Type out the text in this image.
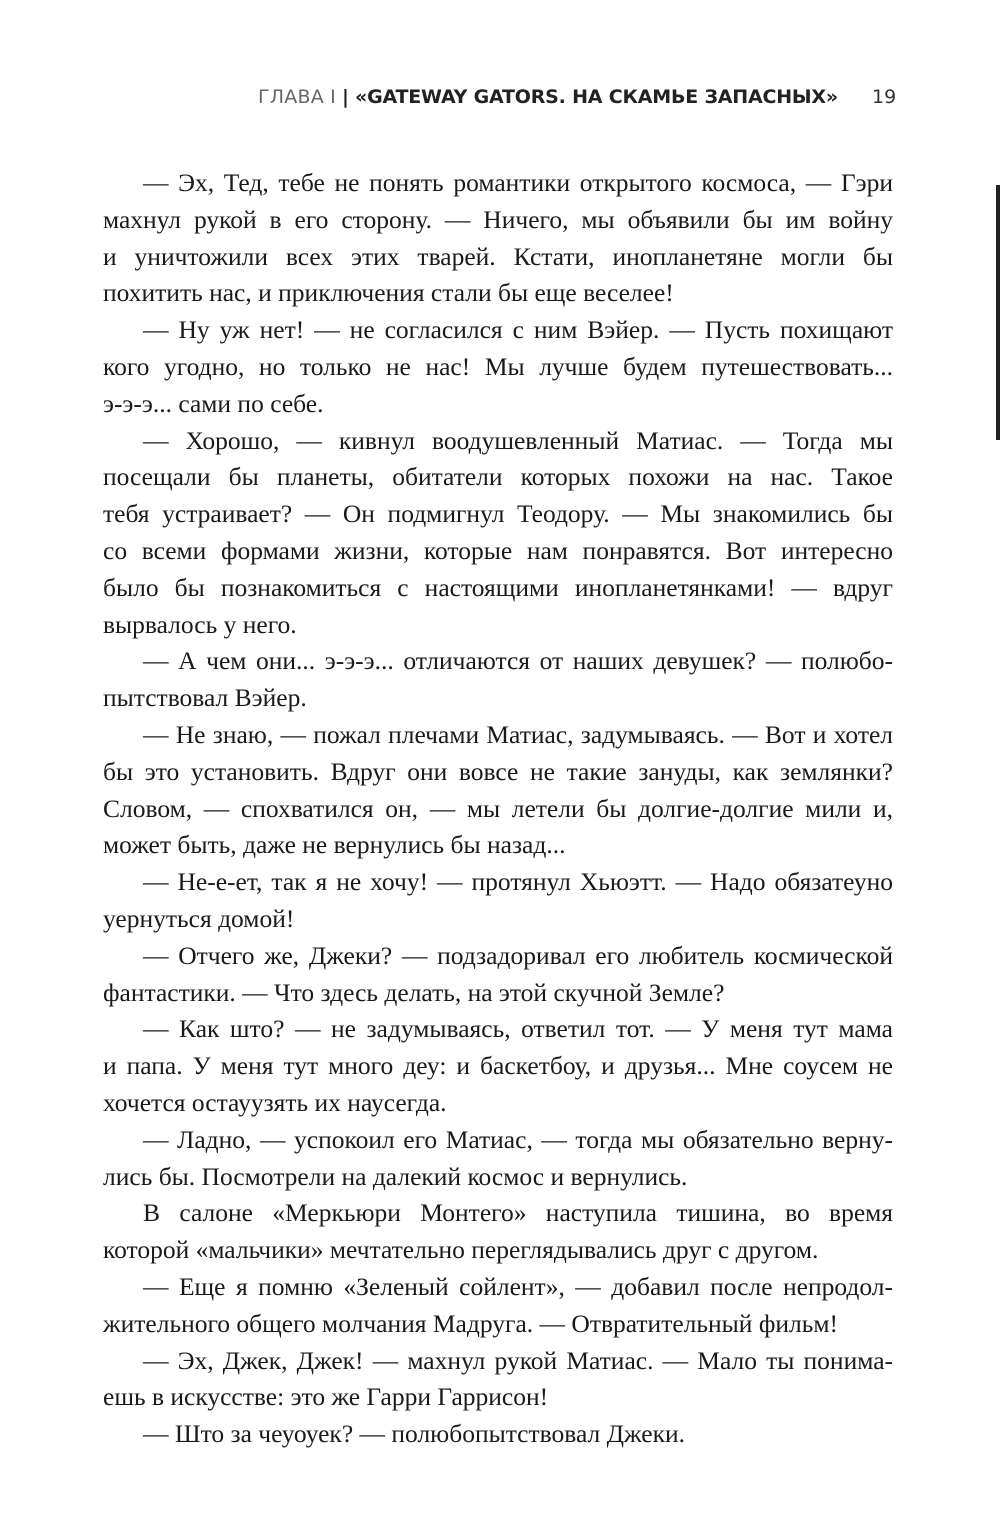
ГЛАВА I | «GATEWAY GATORS. НА СКАМЬЕ ЗАПАСНЫХ» 19
— Эх, Тед, тебе не понять романтики открытого космоса, — Гэри
махнул рукой в его сторону. — Ничего, мы объявили бы им войну
и уничтожили всех этих тварей. Кстати, инопланетяне могли бы
похитить нас, и приключения стали бы еще веселее!
— Ну уж нет! — не согласился с ним Вэйер. — Пусть похищают
кого угодно, но только не нас! Мы лучше будем путешествовать...
э-э-э... сами по себе.
— Хорошо, — кивнул воодушевленный Матиас. — Тогда мы
посещали бы планеты, обитатели которых похожи на нас. Такое
тебя устраивает? — Он подмигнул Теодору. — Мы знакомились бы
со всеми формами жизни, которые нам понравятся. Вот интересно
было бы познакомиться с настоящими инопланетянками! — вдруг
вырвалось у него.
— А чем они... э-э-э... отличаются от наших девушек? — полюбо-
пытствовал Вэйер.
— Не знаю, — пожал плечами Матиас, задумываясь. — Вот и хотел
бы это установить. Вдруг они вовсе не такие зануды, как землянки?
Словом, — спохватился он, — мы летели бы долгие-долгие мили и,
может быть, даже не вернулись бы назад...
— Не-е-ет, так я не хочу! — протянул Хьюэтт. — Надо обязатеуно
уернуться домой!
— Отчего же, Джеки? — подзадоривал его любитель космической
фантастики. — Что здесь делать, на этой скучной Земле?
— Как што? — не задумываясь, ответил тот. — У меня тут мама
и папа. У меня тут много деу: и баскетбоу, и друзья... Мне соусем не
хочется остауузять их наусегда.
— Ладно, — успокоил его Матиас, — тогда мы обязательно верну-
лись бы. Посмотрели на далекий космос и вернулись.
В салоне «Меркьюри Монтего» наступила тишина, во время
которой «мальчики» мечтательно переглядывались друг с другом.
— Еще я помню «Зеленый сойлент», — добавил после непродол-
жительного общего молчания Мадруга. — Отвратительный фильм!
— Эх, Джек, Джек! — махнул рукой Матиас. — Мало ты понима-
ешь в искусстве: это же Гарри Гаррисон!
— Што за чеуоуек? — полюбопытствовал Джеки.
